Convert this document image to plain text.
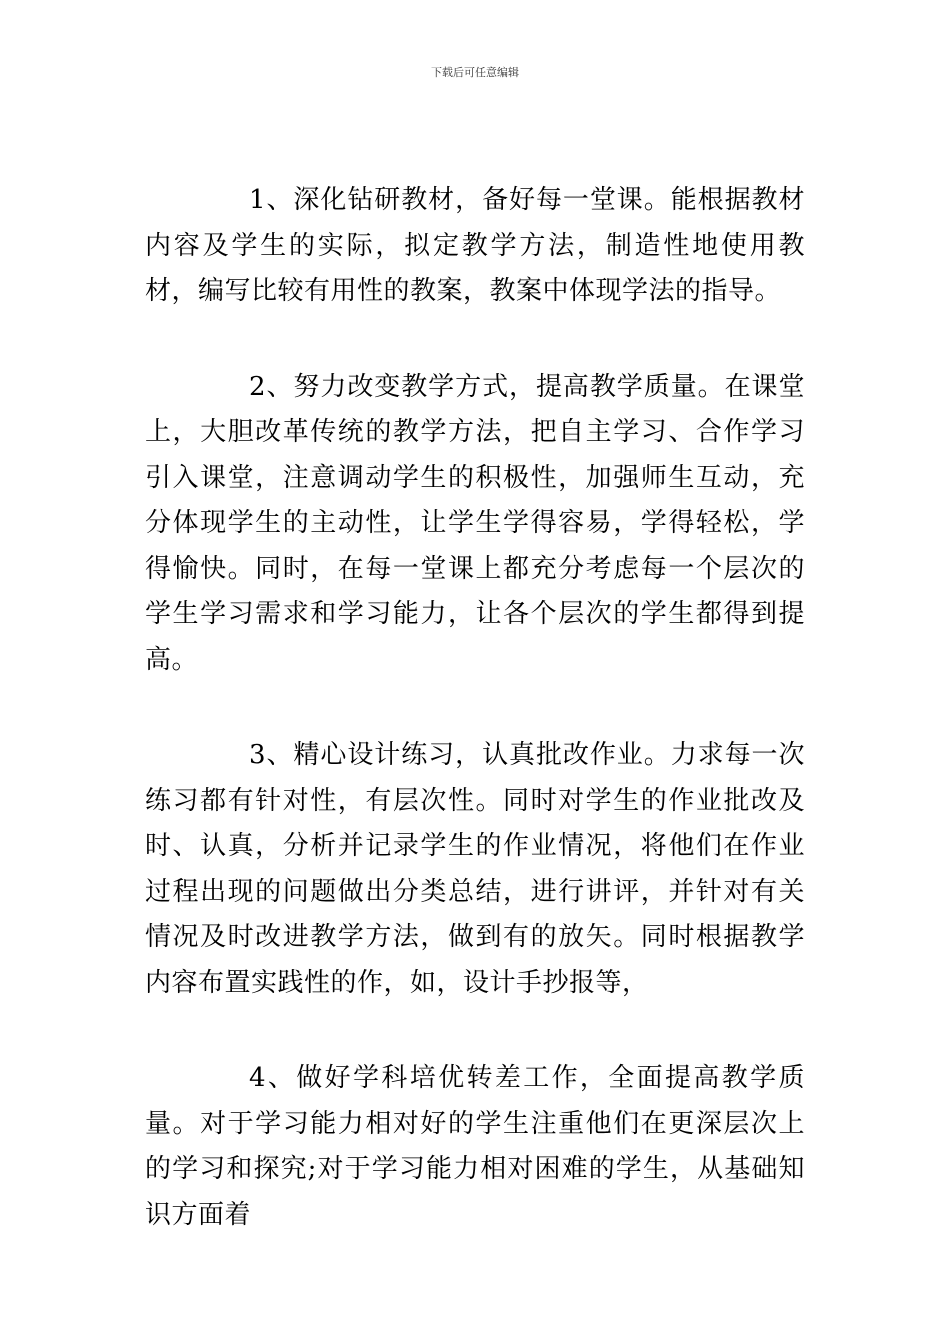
下载后可任意编辑

1、深化钻研教材，备好每一堂课。能根据教材内容及学生的实际，拟定教学方法，制造性地使用教材，编写比较有用性的教案，教案中体现学法的指导。

2、努力改变教学方式，提高教学质量。在课堂上，大胆改革传统的教学方法，把自主学习、合作学习引入课堂，注意调动学生的积极性，加强师生互动，充分体现学生的主动性，让学生学得容易，学得轻松，学得愉快。同时，在每一堂课上都充分考虑每一个层次的学生学习需求和学习能力，让各个层次的学生都得到提高。

3、精心设计练习，认真批改作业。力求每一次练习都有针对性，有层次性。同时对学生的作业批改及时、认真，分析并记录学生的作业情况，将他们在作业过程出现的问题做出分类总结，进行讲评，并针对有关情况及时改进教学方法，做到有的放矢。同时根据教学内容布置实践性的作，如，设计手抄报等，

4、做好学科培优转差工作，全面提高教学质量。对于学习能力相对好的学生注重他们在更深层次上的学习和探究;对于学习能力相对困难的学生，从基础知识方面着
